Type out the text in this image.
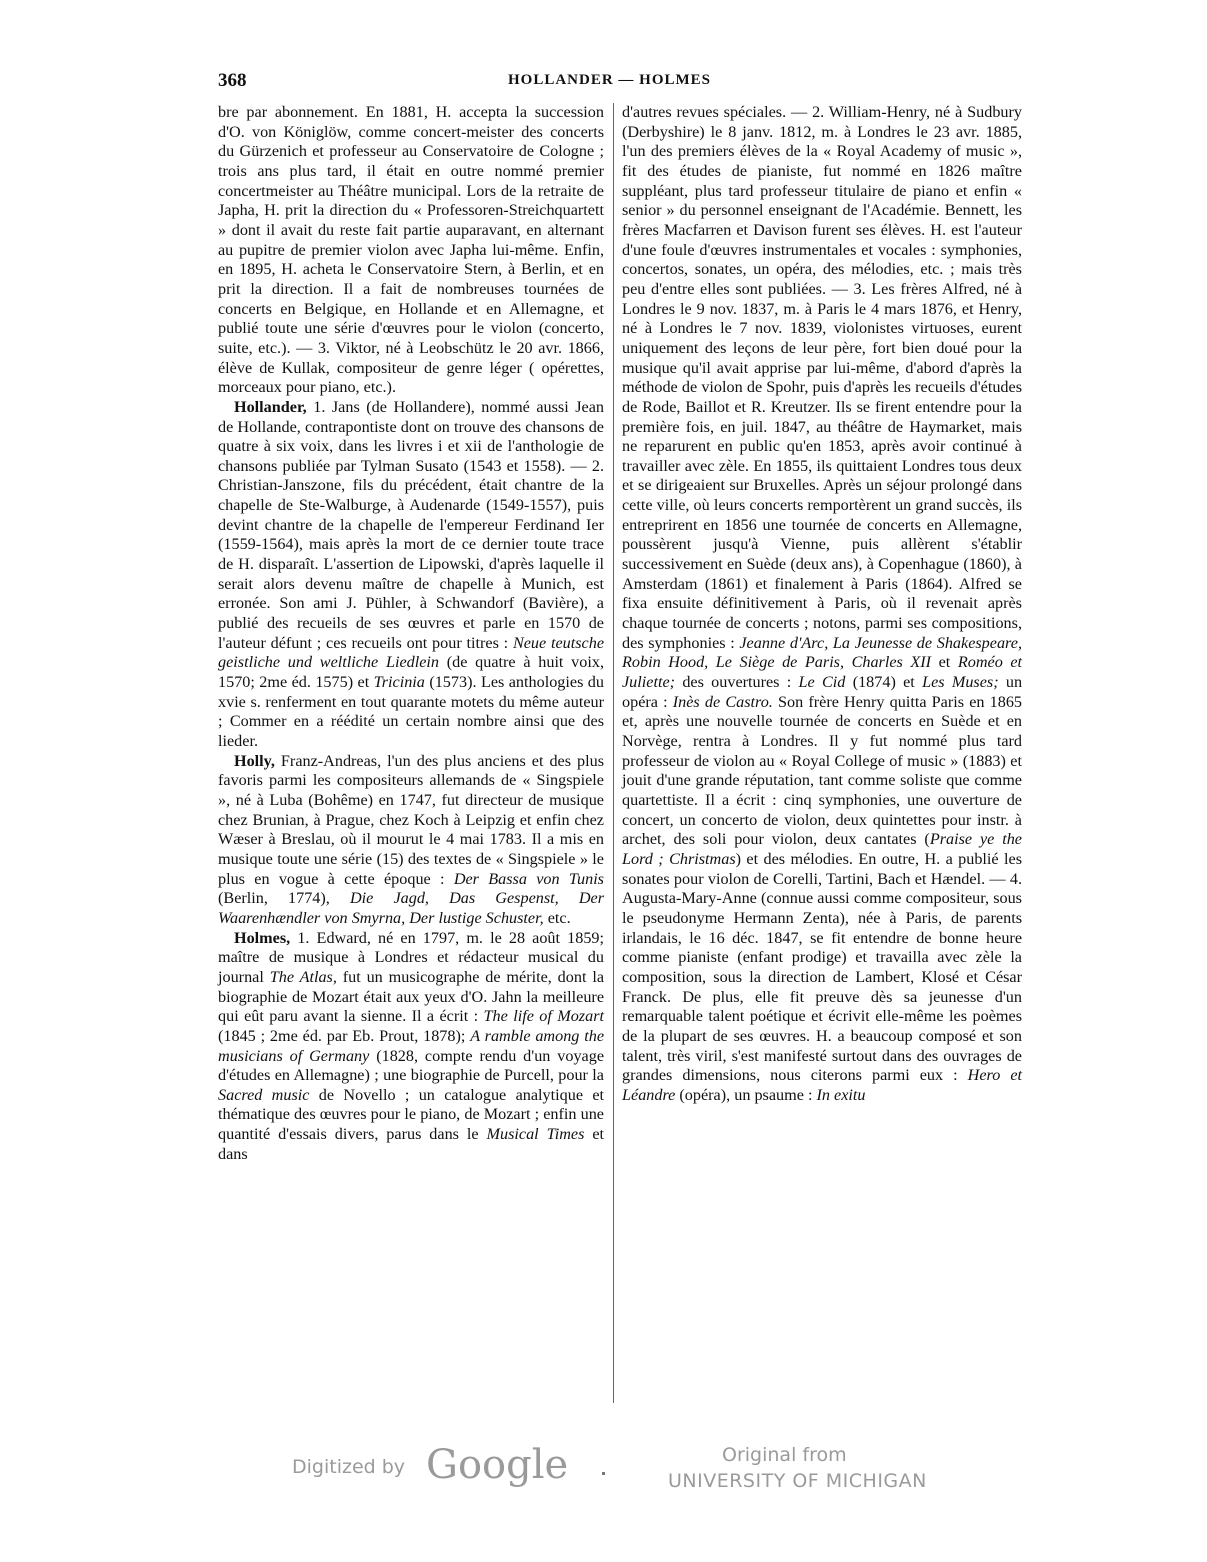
368	HOLLANDER — HOLMES

bre par abonnement. En 1881, H. accepta la succession d'O. von Königlöw, comme concert-meister des concerts du Gürzenich et professeur au Conservatoire de Cologne ; trois ans plus tard, il était en outre nommé premier concertmeister au Théâtre municipal. Lors de la retraite de Japha, H. prit la direction du « Professoren-Streichquartett » dont il avait du reste fait partie auparavant, en alternant au pupitre de premier violon avec Japha lui-même. Enfin, en 1895, H. acheta le Conservatoire Stern, à Berlin, et en prit la direction. Il a fait de nombreuses tournées de concerts en Belgique, en Hollande et en Allemagne, et publié toute une série d'œuvres pour le violon (concerto, suite, etc.). — 3. Viktor, né à Leobschütz le 20 avr. 1866, élève de Kullak, compositeur de genre léger ( opérettes, morceaux pour piano, etc.).

Hollander, 1. Jans (de Hollandere), nommé aussi Jean de Hollande, contrapontiste dont on trouve des chansons de quatre à six voix, dans les livres i et xii de l'anthologie de chansons publiée par Tylman Susato (1543 et 1558). — 2. Christian-Janszone, fils du précédent, était chantre de la chapelle de Ste-Walburge, à Audenarde (1549-1557), puis devint chantre de la chapelle de l'empereur Ferdinand Ier (1559-1564), mais après la mort de ce dernier toute trace de H. disparaît. L'assertion de Lipowski, d'après laquelle il serait alors devenu maître de chapelle à Munich, est erronée. Son ami J. Pühler, à Schwandorf (Bavière), a publié des recueils de ses œuvres et parle en 1570 de l'auteur défunt ; ces recueils ont pour titres : Neue teutsche geistliche und weltliche Liedlein (de quatre à huit voix, 1570; 2me éd. 1575) et Tricinia (1573). Les anthologies du xvie s. renferment en tout quarante motets du même auteur ; Commer en a réédité un certain nombre ainsi que des lieder.

Holly, Franz-Andreas, l'un des plus anciens et des plus favoris parmi les compositeurs allemands de « Singspiele », né à Luba (Bohême) en 1747, fut directeur de musique chez Brunian, à Prague, chez Koch à Leipzig et enfin chez Wæser à Breslau, où il mourut le 4 mai 1783. Il a mis en musique toute une série (15) des textes de « Singspiele » le plus en vogue à cette époque : Der Bassa von Tunis (Berlin, 1774), Die Jagd, Das Gespenst, Der Waarenhændler von Smyrna, Der lustige Schuster, etc.

Holmes, 1. Edward, né en 1797, m. le 28 août 1859; maître de musique à Londres et rédacteur musical du journal The Atlas, fut un musicographe de mérite, dont la biographie de Mozart était aux yeux d'O. Jahn la meilleure qui eût paru avant la sienne. Il a écrit : The life of Mozart (1845 ; 2me éd. par Eb. Prout, 1878); A ramble among the musicians of Germany (1828, compte rendu d'un voyage d'études en Allemagne) ; une biographie de Purcell, pour la Sacred music de Novello ; un catalogue analytique et thématique des œuvres pour le piano, de Mozart ; enfin une quantité d'essais divers, parus dans le Musical Times et dans

d'autres revues spéciales. — 2. William-Henry, né à Sudbury (Derbyshire) le 8 janv. 1812, m. à Londres le 23 avr. 1885, l'un des premiers élèves de la « Royal Academy of music », fit des études de pianiste, fut nommé en 1826 maître suppléant, plus tard professeur titulaire de piano et enfin « senior » du personnel enseignant de l'Académie. Bennett, les frères Macfarren et Davison furent ses élèves. H. est l'auteur d'une foule d'œuvres instrumentales et vocales : symphonies, concertos, sonates, un opéra, des mélodies, etc. ; mais très peu d'entre elles sont publiées. — 3. Les frères Alfred, né à Londres le 9 nov. 1837, m. à Paris le 4 mars 1876, et Henry, né à Londres le 7 nov. 1839, violonistes virtuoses, eurent uniquement des leçons de leur père, fort bien doué pour la musique qu'il avait apprise par lui-même, d'abord d'après la méthode de violon de Spohr, puis d'après les recueils d'études de Rode, Baillot et R. Kreutzer. Ils se firent entendre pour la première fois, en juil. 1847, au théâtre de Haymarket, mais ne reparurent en public qu'en 1853, après avoir continué à travailler avec zèle. En 1855, ils quittaient Londres tous deux et se dirigeaient sur Bruxelles. Après un séjour prolongé dans cette ville, où leurs concerts remportèrent un grand succès, ils entreprirent en 1856 une tournée de concerts en Allemagne, poussèrent jusqu'à Vienne, puis allèrent s'établir successivement en Suède (deux ans), à Copenhague (1860), à Amsterdam (1861) et finalement à Paris (1864). Alfred se fixa ensuite définitivement à Paris, où il revenait après chaque tournée de concerts ; notons, parmi ses compositions, des symphonies : Jeanne d'Arc, La Jeunesse de Shakespeare, Robin Hood, Le Siège de Paris, Charles XII et Roméo et Juliette; des ouvertures : Le Cid (1874) et Les Muses; un opéra : Inès de Castro. Son frère Henry quitta Paris en 1865 et, après une nouvelle tournée de concerts en Suède et en Norvège, rentra à Londres. Il y fut nommé plus tard professeur de violon au « Royal College of music » (1883) et jouit d'une grande réputation, tant comme soliste que comme quartettiste. Il a écrit : cinq symphonies, une ouverture de concert, un concerto de violon, deux quintettes pour instr. à archet, des soli pour violon, deux cantates (Praise ye the Lord ; Christmas) et des mélodies. En outre, H. a publié les sonates pour violon de Corelli, Tartini, Bach et Hændel. — 4. Augusta-Mary-Anne (connue aussi comme compositeur, sous le pseudonyme Hermann Zenta), née à Paris, de parents irlandais, le 16 déc. 1847, se fit entendre de bonne heure comme pianiste (enfant prodige) et travailla avec zèle la composition, sous la direction de Lambert, Klosé et César Franck. De plus, elle fit preuve dès sa jeunesse d'un remarquable talent poétique et écrivit elle-même les poèmes de la plupart de ses œuvres. H. a beaucoup composé et son talent, très viril, s'est manifesté surtout dans des ouvrages de grandes dimensions, nous citerons parmi eux : Hero et Léandre (opéra), un psaume : In exitu

Digitized by Google	Original from
UNIVERSITY OF MICHIGAN
